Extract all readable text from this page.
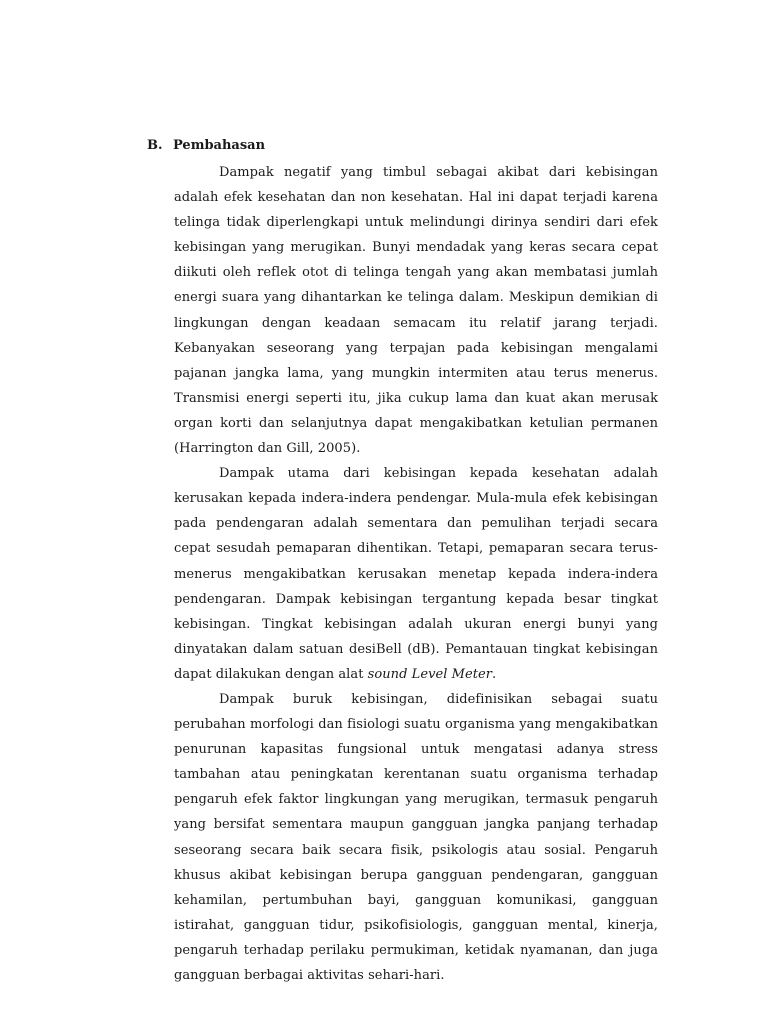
B. Pembahasan

Dampak negatif yang timbul sebagai akibat dari kebisingan adalah efek kesehatan dan non kesehatan. Hal ini dapat terjadi karena telinga tidak diperlengkapi untuk melindungi dirinya sendiri dari efek kebisingan yang merugikan. Bunyi mendadak yang keras secara cepat diikuti oleh reflek otot di telinga tengah yang akan membatasi jumlah energi suara yang dihantarkan ke telinga dalam. Meskipun demikian di lingkungan dengan keadaan semacam itu relatif jarang terjadi. Kebanyakan seseorang yang terpajan pada kebisingan mengalami pajanan jangka lama, yang mungkin intermiten atau terus menerus. Transmisi energi seperti itu, jika cukup lama dan kuat akan merusak organ korti dan selanjutnya dapat mengakibatkan ketulian permanen (Harrington dan Gill, 2005).

Dampak utama dari kebisingan kepada kesehatan adalah kerusakan kepada indera-indera pendengar. Mula-mula efek kebisingan pada pendengaran adalah sementara dan pemulihan terjadi secara cepat sesudah pemaparan dihentikan. Tetapi, pemaparan secara terus-menerus mengakibatkan kerusakan menetap kepada indera-indera pendengaran. Dampak kebisingan tergantung kepada besar tingkat kebisingan. Tingkat kebisingan adalah ukuran energi bunyi yang dinyatakan dalam satuan desiBell (dB). Pemantauan tingkat kebisingan dapat dilakukan dengan alat sound Level Meter.

Dampak buruk kebisingan, didefinisikan sebagai suatu perubahan morfologi dan fisiologi suatu organisma yang mengakibatkan penurunan kapasitas fungsional untuk mengatasi adanya stress tambahan atau peningkatan kerentanan suatu organisma terhadap pengaruh efek faktor lingkungan yang merugikan, termasuk pengaruh yang bersifat sementara maupun gangguan jangka panjang terhadap seseorang secara baik secara fisik, psikologis atau sosial. Pengaruh khusus akibat kebisingan berupa gangguan pendengaran, gangguan kehamilan, pertumbuhan bayi, gangguan komunikasi, gangguan istirahat, gangguan tidur, psikofisiologis, gangguan mental, kinerja, pengaruh terhadap perilaku permukiman, ketidak nyamanan, dan juga gangguan berbagai aktivitas sehari-hari.
